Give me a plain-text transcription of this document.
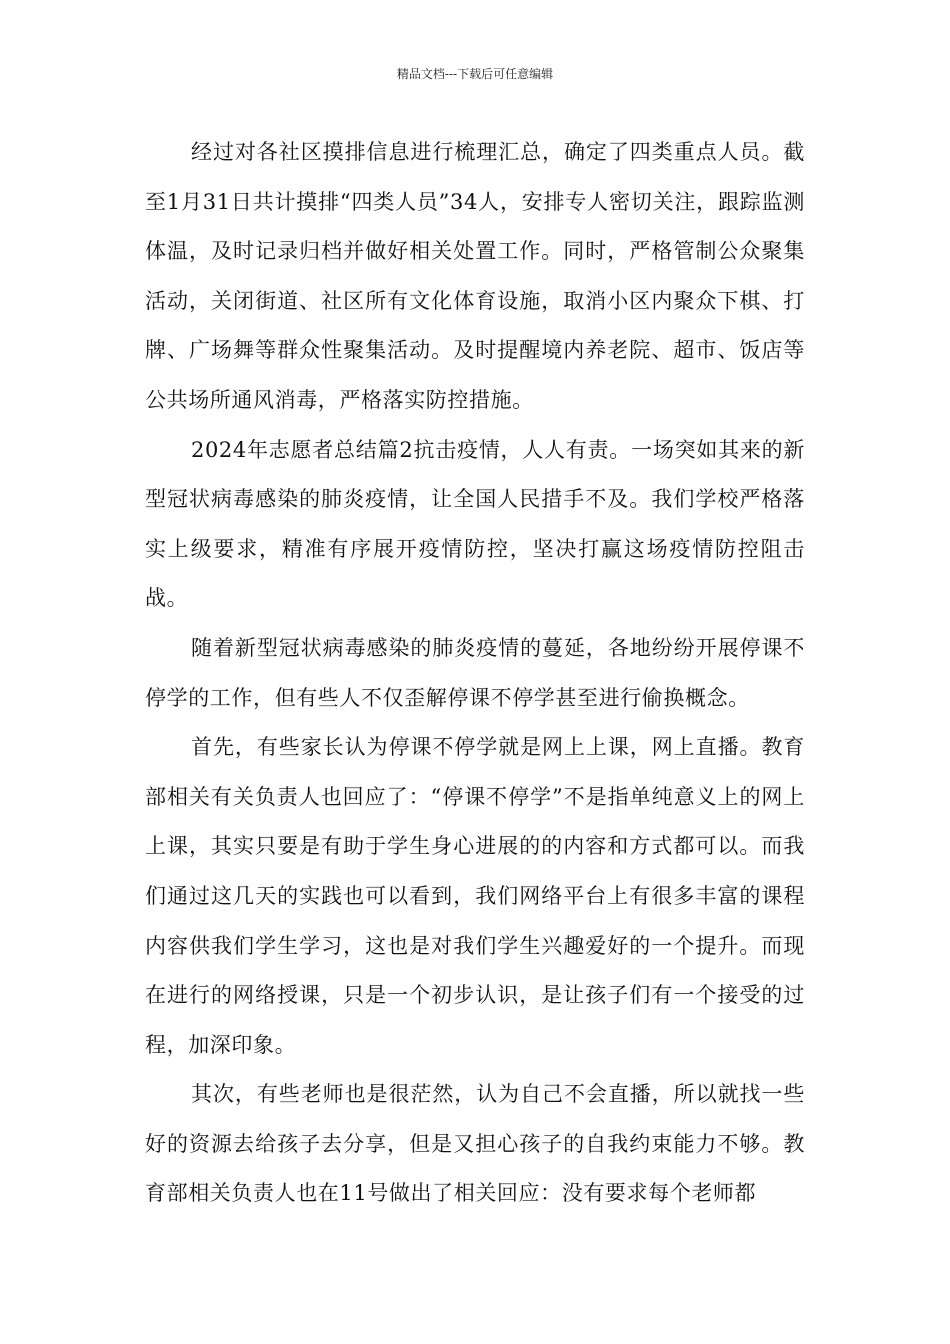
精品文档---下载后可任意编辑

经过对各社区摸排信息进行梳理汇总，确定了四类重点人员。截至1月31日共计摸排“四类人员”34人，安排专人密切关注，跟踪监测体温，及时记录归档并做好相关处置工作。同时，严格管制公众聚集活动，关闭街道、社区所有文化体育设施，取消小区内聚众下棋、打牌、广场舞等群众性聚集活动。及时提醒境内养老院、超市、饭店等公共场所通风消毒，严格落实防控措施。

2024年志愿者总结篇2抗击疫情，人人有责。一场突如其来的新型冠状病毒感染的肺炎疫情，让全国人民措手不及。我们学校严格落实上级要求，精准有序展开疫情防控，坚决打赢这场疫情防控阻击战。

随着新型冠状病毒感染的肺炎疫情的蔓延，各地纷纷开展停课不停学的工作，但有些人不仅歪解停课不停学甚至进行偷换概念。

首先，有些家长认为停课不停学就是网上上课，网上直播。教育部相关有关负责人也回应了：“停课不停学”不是指单纯意义上的网上上课，其实只要是有助于学生身心进展的的内容和方式都可以。而我们通过这几天的实践也可以看到，我们网络平台上有很多丰富的课程内容供我们学生学习，这也是对我们学生兴趣爱好的一个提升。而现在进行的网络授课，只是一个初步认识，是让孩子们有一个接受的过程，加深印象。

其次，有些老师也是很茫然，认为自己不会直播，所以就找一些好的资源去给孩子去分享，但是又担心孩子的自我约束能力不够。教育部相关负责人也在11号做出了相关回应：没有要求每个老师都
